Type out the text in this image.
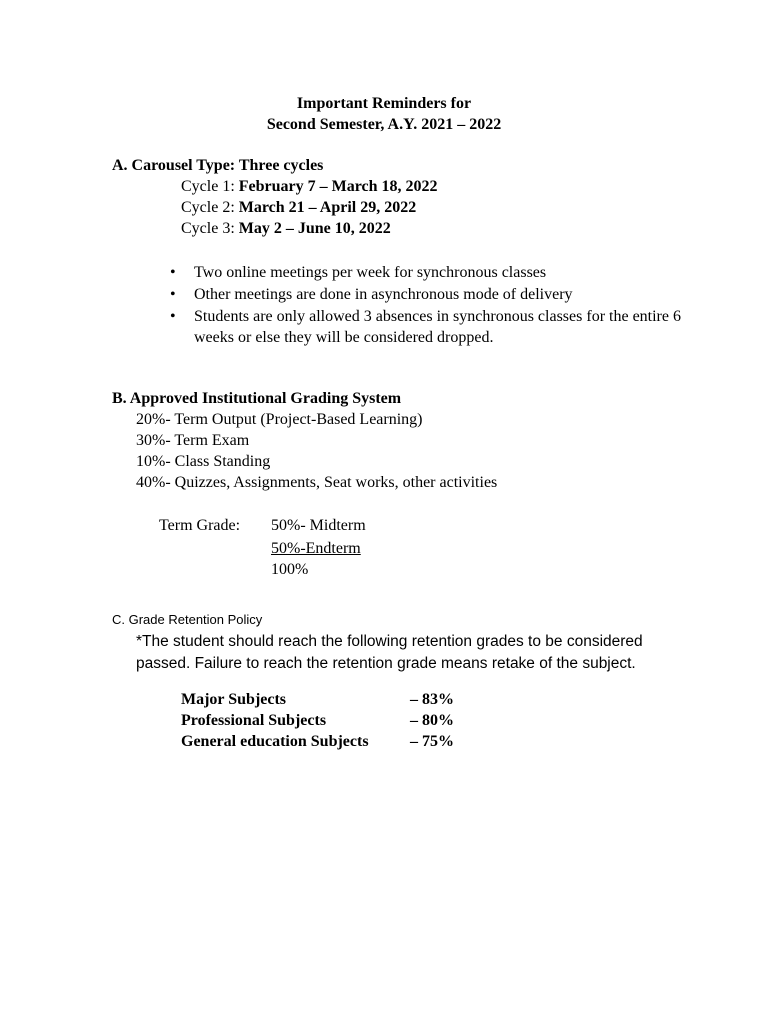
Important Reminders for
Second Semester, A.Y. 2021 – 2022
A. Carousel Type: Three cycles
Cycle 1: February 7 – March 18, 2022
Cycle 2: March 21 – April 29, 2022
Cycle 3: May 2 – June 10, 2022
• Two online meetings per week for synchronous classes
• Other meetings are done in asynchronous mode of delivery
• Students are only allowed 3 absences in synchronous classes for the entire 6 weeks or else they will be considered dropped.
B. Approved Institutional Grading System
20%- Term Output (Project-Based Learning)
30%- Term Exam
10%- Class Standing
40%- Quizzes, Assignments, Seat works, other activities
Term Grade: 50%- Midterm
50%-Endterm
100%
C. Grade Retention Policy
*The student should reach the following retention grades to be considered passed. Failure to reach the retention grade means retake of the subject.
Major Subjects	– 83%
Professional Subjects	– 80%
General education Subjects	– 75%
